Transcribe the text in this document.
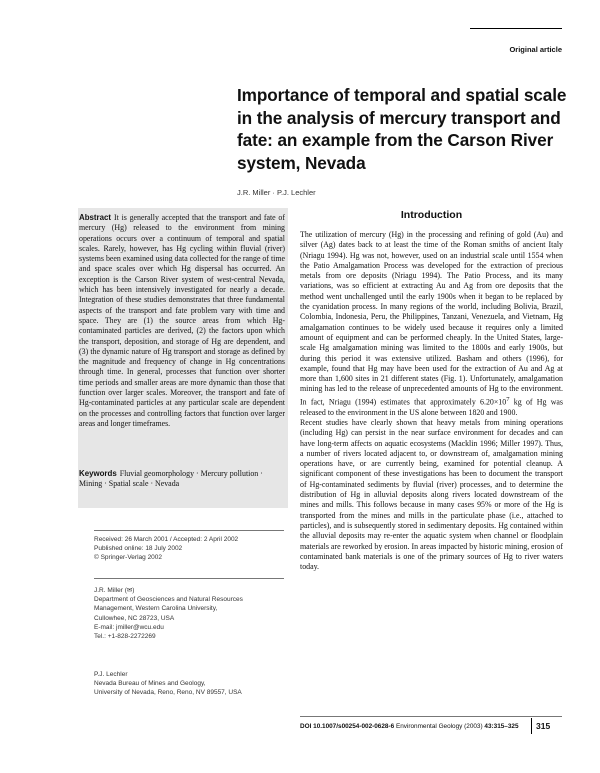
Original article
Importance of temporal and spatial scale in the analysis of mercury transport and fate: an example from the Carson River system, Nevada
J.R. Miller · P.J. Lechler

Abstract It is generally accepted that the transport and fate of mercury (Hg) released to the environment from mining operations occurs over a continuum of temporal and spatial scales. Rarely, however, has Hg cycling within fluvial (river) systems been examined using data collected for the range of time and space scales over which Hg dispersal has occurred. An exception is the Carson River system of west-central Nevada, which has been intensively investigated for nearly a decade. Integration of these studies demonstrates that three fundamental aspects of the transport and fate problem vary with time and space. They are (1) the source areas from which Hg-contaminated particles are derived, (2) the factors upon which the transport, deposition, and storage of Hg are dependent, and (3) the dynamic nature of Hg transport and storage as defined by the magnitude and frequency of change in Hg concentrations through time. In general, processes that function over shorter time periods and smaller areas are more dynamic than those that function over larger scales. Moreover, the transport and fate of Hg-contaminated particles at any particular scale are dependent on the processes and controlling factors that function over larger areas and longer timeframes.

Keywords Fluvial geomorphology · Mercury pollution · Mining · Spatial scale · Nevada

Received: 26 March 2001 / Accepted: 2 April 2002
Published online: 18 July 2002
© Springer-Verlag 2002
J.R. Miller (✉)
Department of Geosciences and Natural Resources
Management, Western Carolina University,
Cullowhee, NC 28723, USA
E-mail: jmiller@wcu.edu
Tel.: +1-828-2272269
P.J. Lechler
Nevada Bureau of Mines and Geology,
University of Nevada, Reno, Reno, NV 89557, USA
Introduction

The utilization of mercury (Hg) in the processing and refining of gold (Au) and silver (Ag) dates back to at least the time of the Roman smiths of ancient Italy (Nriagu 1994). Hg was not, however, used on an industrial scale until 1554 when the Patio Amalgamation Process was developed for the extraction of precious metals from ore deposits (Nriagu 1994). The Patio Process, and its many variations, was so efficient at extracting Au and Ag from ore deposits that the method went unchallenged until the early 1900s when it began to be replaced by the cyanidation process. In many regions of the world, including Bolivia, Brazil, Colombia, Indonesia, Peru, the Philippines, Tanzani, Venezuela, and Vietnam, Hg amalgamation continues to be widely used because it requires only a limited amount of equipment and can be performed cheaply. In the United States, large-scale Hg amalgamation mining was limited to the 1800s and early 1900s, but during this period it was extensive utilized. Basham and others (1996), for example, found that Hg may have been used for the extraction of Au and Ag at more than 1,600 sites in 21 different states (Fig. 1). Unfortunately, amalgamation mining has led to the release of unprecedented amounts of Hg to the environment. In fact, Nriagu (1994) estimates that approximately $6.20\times 10^7$ kg of Hg was released to the environment in the US alone between 1820 and 1900.

Recent studies have clearly shown that heavy metals from mining operations (including Hg) can persist in the near surface environment for decades and can have long-term affects on aquatic ecosystems (Macklin 1996; Miller 1997). Thus, a number of rivers located adjacent to, or downstream of, amalgamation mining operations have, or are currently being, examined for potential cleanup. A significant component of these investigations has been to document the transport of Hg-contaminated sediments by fluvial (river) processes, and to determine the distribution of Hg in alluvial deposits along rivers located downstream of the mines and mills. This follows because in many cases 95% or more of the Hg is transported from the mines and mills in the particulate phase (i.e., attached to particles), and is subsequently stored in sedimentary deposits. Hg contained within the alluvial deposits may re-enter the aquatic system when channel or floodplain materials are reworked by erosion. In areas impacted by historic mining, erosion of contaminated bank materials is one of the primary sources of Hg to river waters today.

DOI 10.1007/s00254-002-0628-6 Environmental Geology (2003) 43:315–325 315
